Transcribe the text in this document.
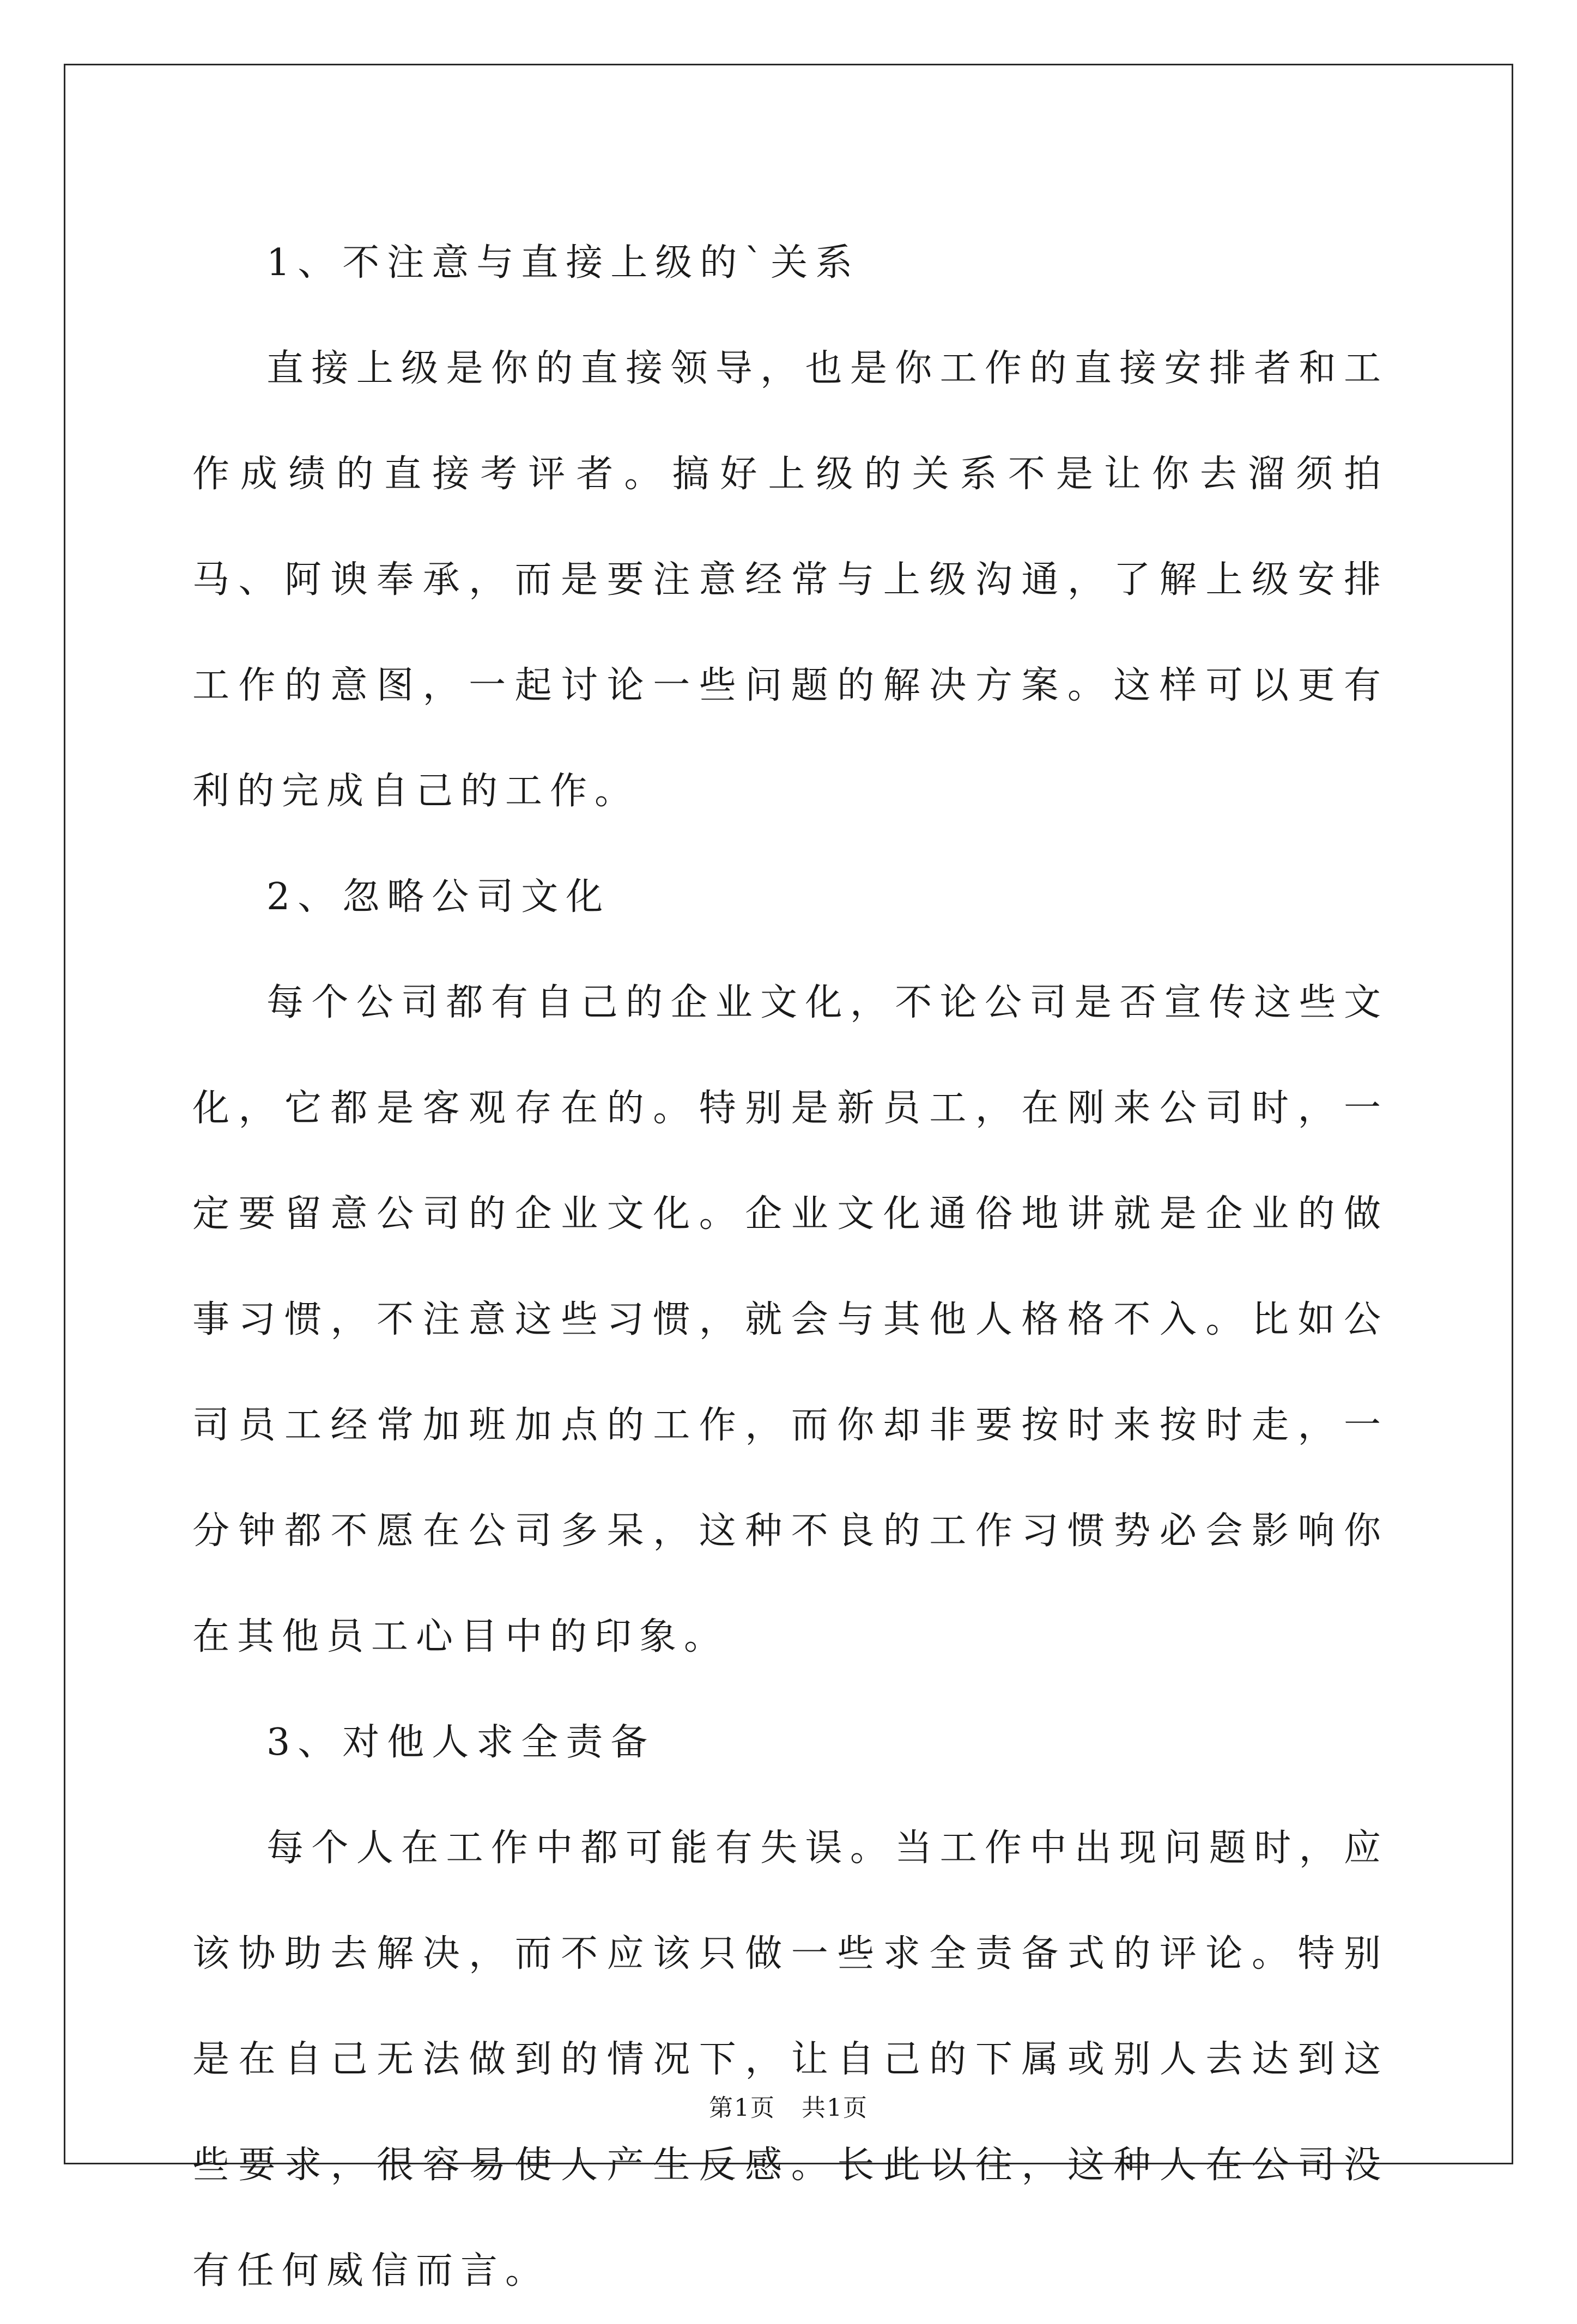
1、不注意与直接上级的`关系

直接上级是你的直接领导，也是你工作的直接安排者和工作成绩的直接考评者。搞好上级的关系不是让你去溜须拍马、阿谀奉承，而是要注意经常与上级沟通，了解上级安排工作的意图，一起讨论一些问题的解决方案。这样可以更有利的完成自己的工作。

2、忽略公司文化

每个公司都有自己的企业文化，不论公司是否宣传这些文化，它都是客观存在的。特别是新员工，在刚来公司时，一定要留意公司的企业文化。企业文化通俗地讲就是企业的做事习惯，不注意这些习惯，就会与其他人格格不入。比如公司员工经常加班加点的工作，而你却非要按时来按时走，一分钟都不愿在公司多呆，这种不良的工作习惯势必会影响你在其他员工心目中的印象。

3、对他人求全责备

每个人在工作中都可能有失误。当工作中出现问题时，应该协助去解决，而不应该只做一些求全责备式的评论。特别是在自己无法做到的情况下，让自己的下属或别人去达到这些要求，很容易使人产生反感。长此以往，这种人在公司没有任何威信而言。

第1页 共1页
